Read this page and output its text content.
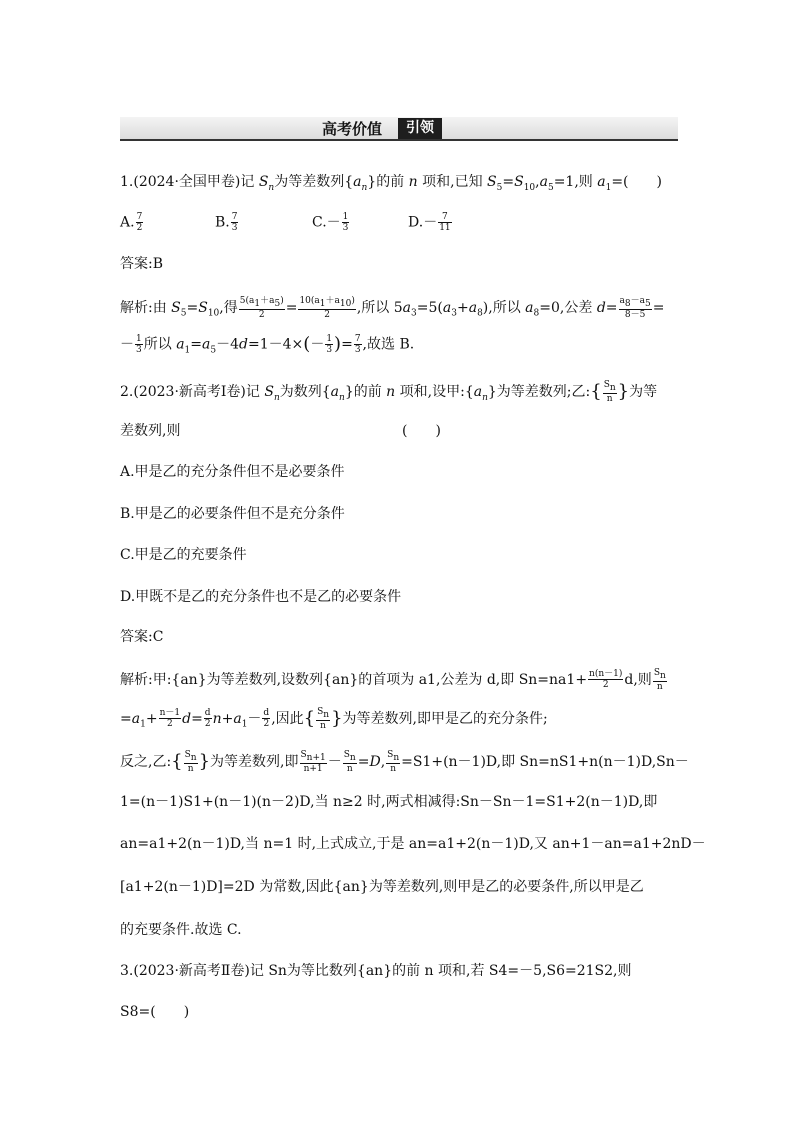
高考价值	引领
1.(2024·全国甲卷)记 $S_n$为等差数列$\{a_n\}$的前 n 项和,已知 $S_5=S_{10},a_5=1$,则 $a_1=$(   )
A. $\frac{7}{2}$	B. $\frac{7}{3}$	$C.- \frac{1}{3}$	$D.- \frac{7}{11}$
答案:B
解析:由 $S_5=S_{10}$,得 $\frac{5(a_1+a_5)}{2} = \frac{10(a_1+a_{10})}{2}$ ,所以 $5a_3=5(a_3+a_8)$,所以 $a_8=0$,公差 $d= \frac{a_8-a_5}{8-5}$ =
－ $\frac{1}{3}$ 所以 $a_1=a_5-4d=1-4\times(- \frac{1}{3}$ )= $\frac{7}{3}$ ,故选 B.
2.(2023·新高考Ⅰ卷)记 $S_n$为数列$\{a_n\}$的前 n 项和,设甲$:\{a_n\}$为等差数列;乙:{ $\frac{S_n}{n}$ }为等
差数列,则	(　　)
A.甲是乙的充分条件但不是必要条件
B.甲是乙的必要条件但不是充分条件
C.甲是乙的充要条件
D.甲既不是乙的充分条件也不是乙的必要条件
答案:C
解析:甲:{an}为等差数列,设数列{an}的首项为 a1,公差为 d,即 $Sn=na1+ \frac{n(n-1)}{2} d$,则 $\frac{S_n}{n}$
$=a_1+ \frac{n-1}{2} d= \frac{d}{2} n+a_1- \frac{d}{2}$ ,因此{ $\frac{S_n}{n}$ }为等差数列,即甲是乙的充分条件;
反之,乙:{ $\frac{S_n}{n}$ }为等差数列,即 $\frac{S_{n+1}}{n+1} - \frac{S_n}{n} =D$, $\frac{S_n}{n} =S1+(n-1)D$,即 Sn=nS1+n(n－1)D,Sn－
1=(n－1)S1+(n－1)(n－2)D,当 n≥2 时,两式相减得:Sn－Sn－1=S1+2(n－1)D,即
an=a1+2(n－1)D,当 n=1 时,上式成立,于是 an=a1+2(n－1)D,又 an+1－an=a1+2nD－
[a1+2(n－1)D]=2D 为常数,因此{an}为等差数列,则甲是乙的必要条件,所以甲是乙
的充要条件.故选 C.
3.(2023·新高考Ⅱ卷)记 Sn为等比数列{an}的前 n 项和,若 S4=－5,S6=21S2,则
S8=(　　)
